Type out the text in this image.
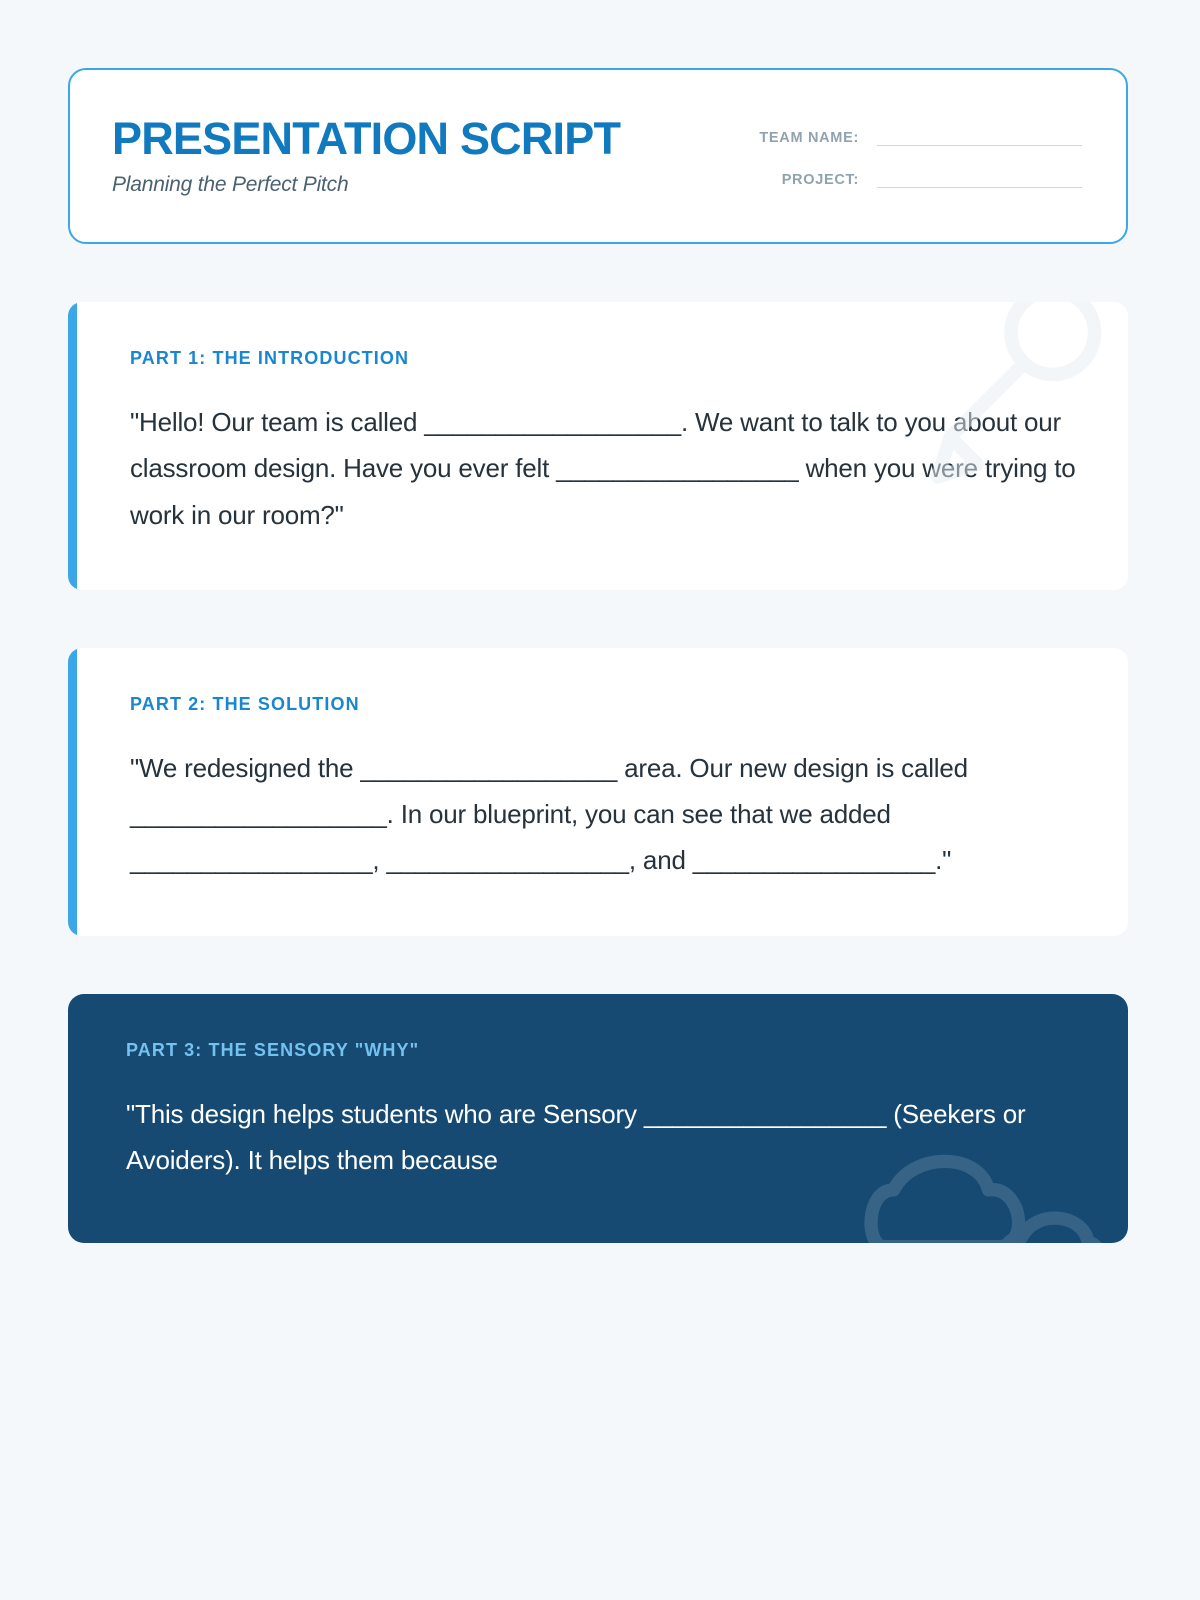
PRESENTATION SCRIPT

Planning the Perfect Pitch

TEAM NAME:
PROJECT:
PART 1: THE INTRODUCTION

"Hello! Our team is called __________________. We want to talk to you about our classroom design. Have you ever felt _________________ when you were trying to work in our room?"

PART 2: THE SOLUTION

"We redesigned the __________________ area. Our new design is called __________________. In our blueprint, you can see that we added _________________, _________________, and _________________."

PART 3: THE SENSORY "WHY"

"This design helps students who are Sensory _________________ (Seekers or Avoiders). It helps them because
